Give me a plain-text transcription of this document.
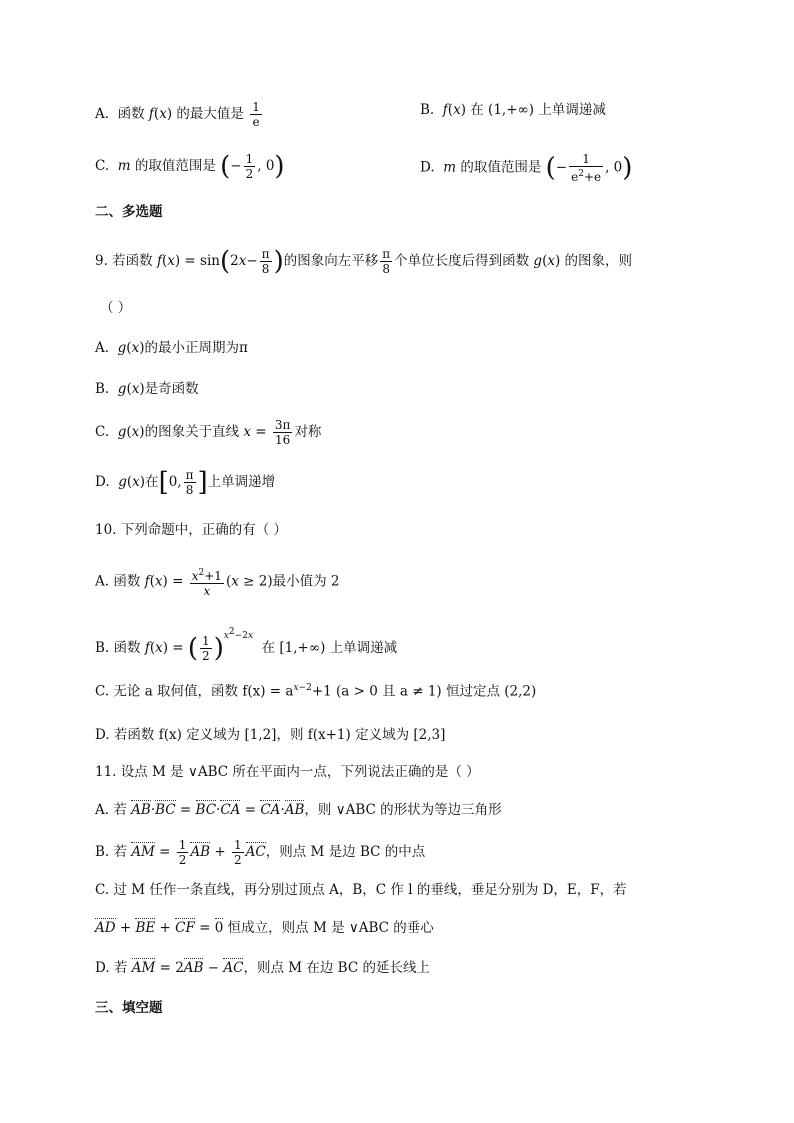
A.  函数 f(x) 的最大值是 $\frac{1}{e}$	B.  f(x) 在 (1,+∞) 上单调递减
C.  m 的取值范围是 (− $\frac{1}{2}$ , 0)	D.  m 的取值范围是 (− $\frac{1}{e^2+e}$ , 0)
二、多选题
9. 若函数 $f(x) = \sin(2x- \frac{\pi}{8}$ )的图象向左平移 $\frac{\pi}{8}$ 个单位长度后得到函数 g(x) 的图象，则
（ ）
A.  g(x)的最小正周期为π
B.  g(x)是奇函数
C.  g(x)的图象关于直线 $x = \frac{3\pi}{16}$ 对称
D.  g(x)在[0, $\frac{\pi}{8}$ ]上单调递增
10. 下列命题中，正确的有（ ）
A. 函数 $f(x) = \frac{x^2+1}{x} (x \ge 2)$最小值为 2
B. 函数 f(x) = ( $\frac{1}{2} )^{x^2-2x}$  在 [1,+∞) 上单调递减
C. 无论 a 取何值，函数 $f(x) = a^{x-2}+1$ (a > 0 且 a ≠ 1) 恒过定点 (2,2)
D. 若函数 f(x) 定义域为 [1,2]，则 f(x+1) 定义域为 [2,3]
11. 设点 M 是 ∨ABC 所在平面内一点，下列说法正确的是（ ）
A. 若 AB·BC = BC·CA = CA·AB，则 ∨ABC 的形状为等边三角形
B. 若 AM = $\frac{1}{2}$ AB + $\frac{1}{2}$ AC，则点 M 是边 BC 的中点
C. 过 M 任作一条直线，再分别过顶点 A，B，C 作 l 的垂线，垂足分别为 D，E，F，若
AD + BE + CF = 0 恒成立，则点 M 是 ∨ABC 的垂心
D. 若 AM = 2AB − AC，则点 M 在边 BC 的延长线上
三、填空题
